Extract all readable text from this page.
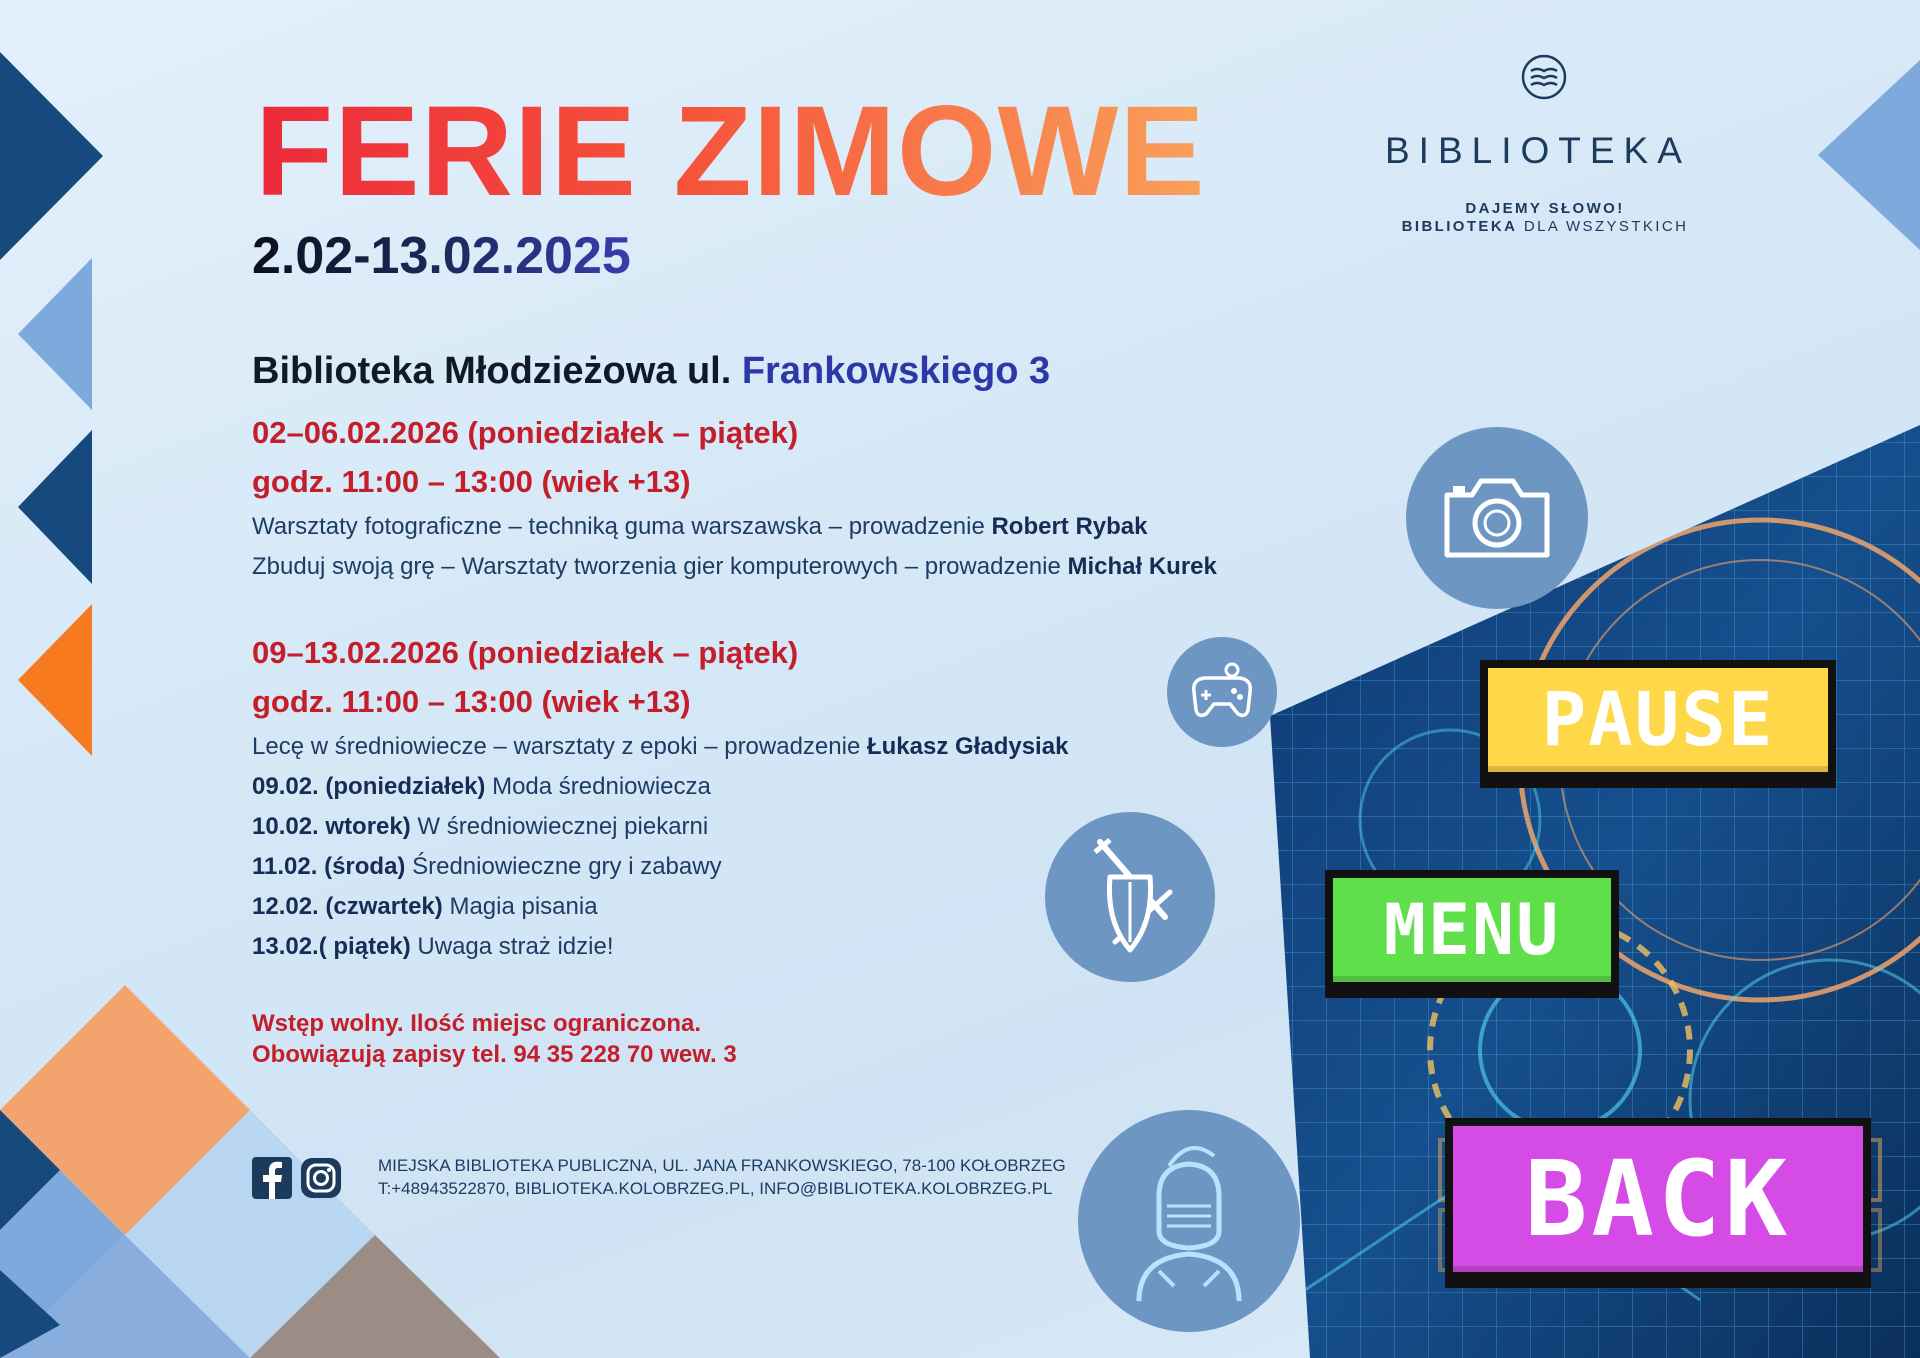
FERIE ZIMOWE
2.02-13.02.2025
BIBLIOTEKA
DAJEMY SŁOWO!
BIBLIOTEKA DLA WSZYSTKICH
Biblioteka Młodzieżowa ul. Frankowskiego 3
02–06.02.2026 (poniedziałek – piątek)
godz. 11:00 – 13:00 (wiek +13)
Warsztaty fotograficzne – techniką guma warszawska – prowadzenie Robert Rybak
Zbuduj swoją grę – Warsztaty tworzenia gier komputerowych – prowadzenie Michał Kurek
09–13.02.2026 (poniedziałek – piątek)
godz. 11:00 – 13:00 (wiek +13)
Lecę w średniowiecze – warsztaty z epoki – prowadzenie Łukasz Gładysiak
09.02. (poniedziałek) Moda średniowiecza
10.02. wtorek) W średniowiecznej piekarni
11.02. (środa) Średniowieczne gry i zabawy
12.02. (czwartek) Magia pisania
13.02.( piątek) Uwaga straż idzie!
Wstęp wolny. Ilość miejsc ograniczona.
Obowiązują zapisy tel. 94 35 228 70 wew. 3
MIEJSKA BIBLIOTEKA PUBLICZNA, UL. JANA FRANKOWSKIEGO, 78-100 KOŁOBRZEG
T:+48943522870, BIBLIOTEKA.KOLOBRZEG.PL, INFO@BIBLIOTEKA.KOLOBRZEG.PL
PAUSE
MENU
BACK
